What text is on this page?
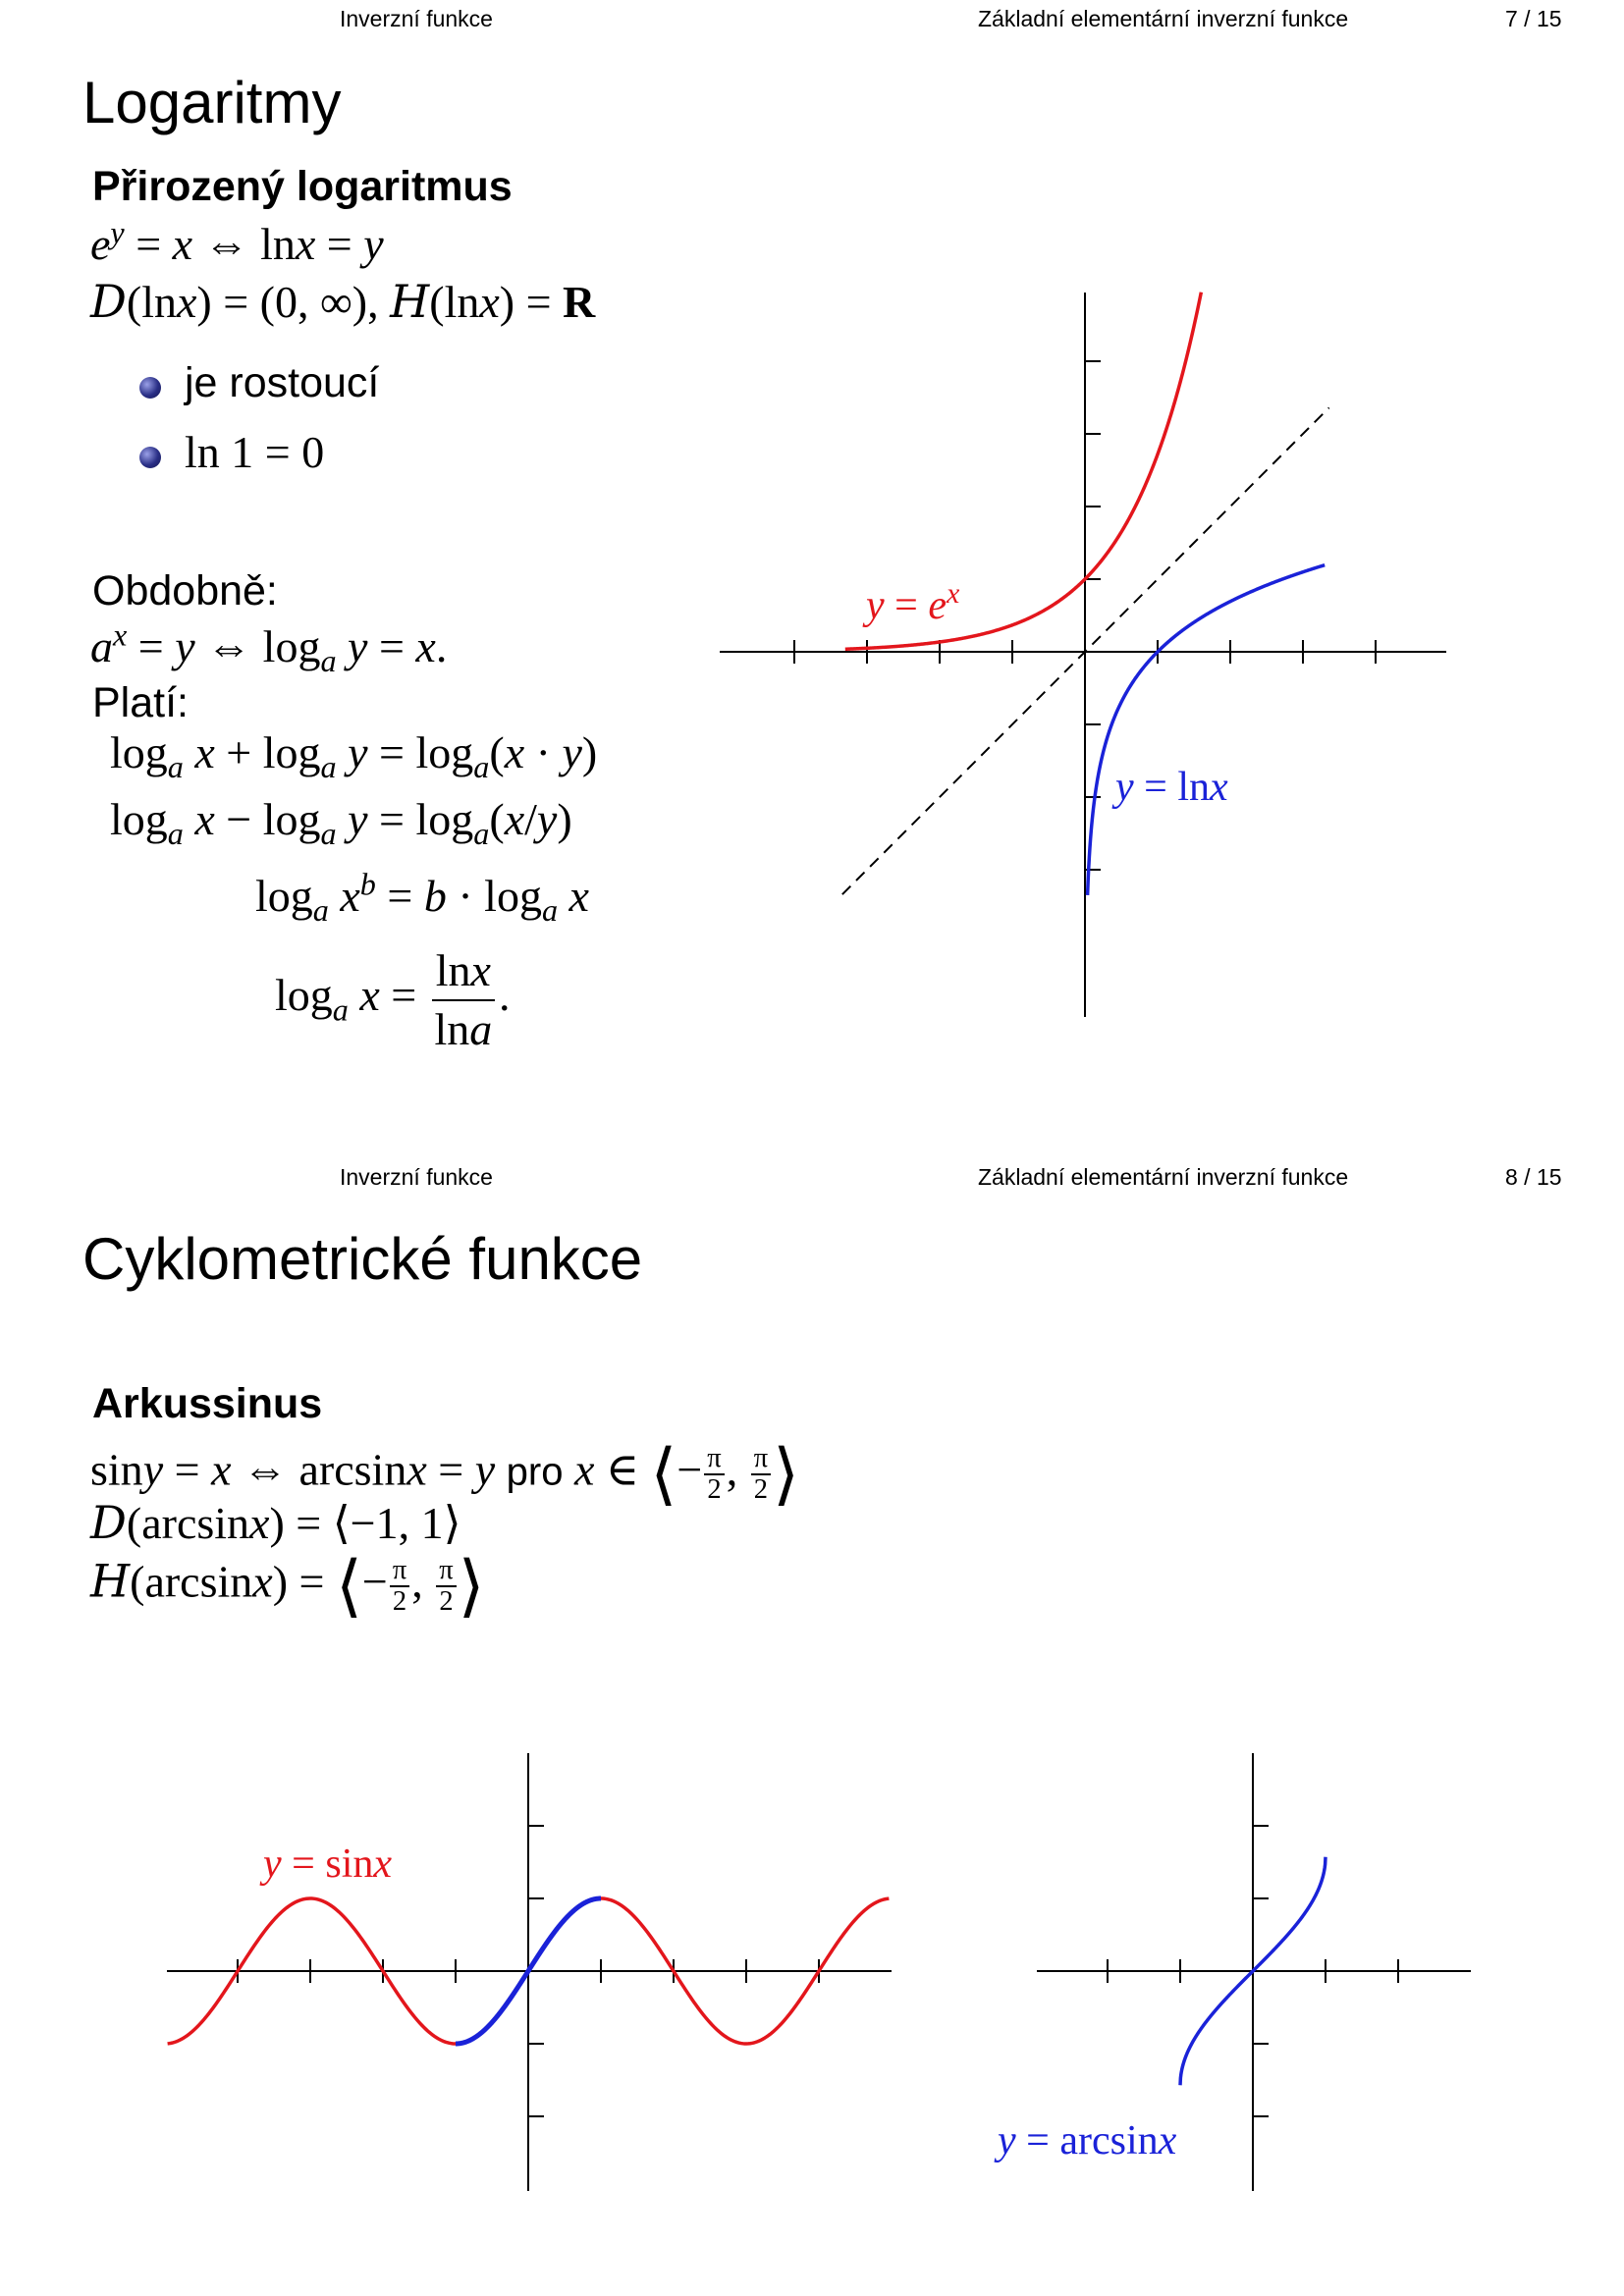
Inverzní funkce	Základní elementární inverzní funkce	7 / 15
Logaritmy
Přirozený logaritmus
$e^y = x$ ⇔ lnx = y
D(lnx) = (0, ∞), H(lnx) = R
je rostoucí
ln 1 = 0
Obdobně:
$a^x = y$ ⇔ $\log_a y = x$.
Platí:
$\log_a x + \log_a y = \log_a(x \cdot y)$
$\log_a x - \log_a y = \log_a(x/y)$
$\log_a x^b = b \cdot \log_a x$
$\log_a x = \frac{\ln x}{\ln a}$ .
$y = e^x$
y = lnx
Inverzní funkce	Základní elementární inverzní funkce	8 / 15
Cyklometrické funkce
Arkussinus
siny = x ⇔ arcsinx = y pro x ∈ ⟨− $\frac{\pi}{2}$ , $\frac{\pi}{2}$ ⟩
D(arcsinx) = ⟨−1, 1⟩
H(arcsinx) = ⟨− $\frac{\pi}{2}$ , $\frac{\pi}{2}$ ⟩
y = sinx
y = arcsinx
